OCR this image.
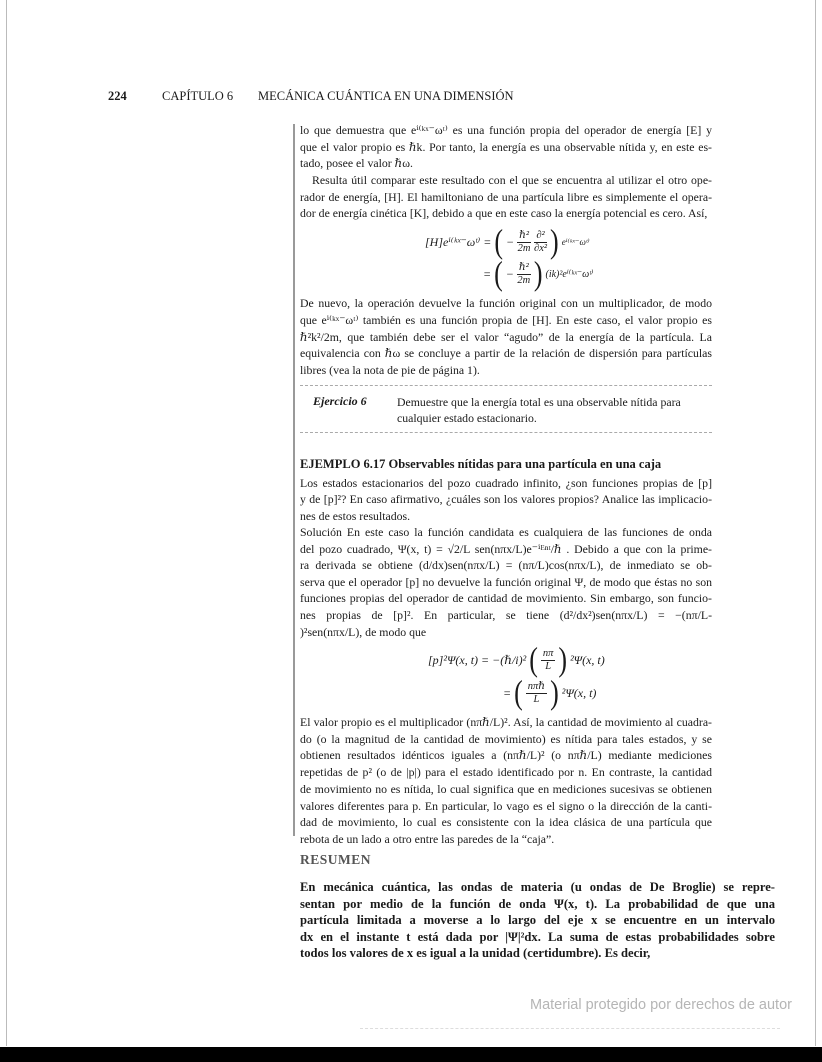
224	CAPÍTULO 6 MECÁNICA CUÁNTICA EN UNA DIMENSIÓN
lo que demuestra que eⁱ⁽ᵏˣ⁻ωᵗ⁾ es una función propia del operador de energía [E] y
que el valor propio es ℏk. Por tanto, la energía es una observable nítida y, en este es-
tado, posee el valor ℏω.
Resulta útil comparar este resultado con el que se encuentra al utilizar el otro ope-
rador de energía, [H]. El hamiltoniano de una partícula libre es simplemente el opera-
dor de energía cinética [K], debido a que en este caso la energía potencial es cero. Así,
De nuevo, la operación devuelve la función original con un multiplicador, de modo
que eⁱ⁽ᵏˣ⁻ωᵗ⁾ también es una función propia de [H]. En este caso, el valor propio es
ℏ²k²/2m, que también debe ser el valor “agudo” de la energía de la partícula. La
equivalencia con ℏω se concluye a partir de la relación de dispersión para partículas
libres (vea la nota de pie de página 1).
Los estados estacionarios del pozo cuadrado infinito, ¿son funciones propias de [p]
y de [p]²? En caso afirmativo, ¿cuáles son los valores propios? Analice las implicacio-
nes de estos resultados.
Solución En este caso la función candidata es cualquiera de las funciones de onda
del pozo cuadrado, Ψ(x, t) = √2/L sen(nπx/L)e⁻ⁱᴱⁿᵗ/ℏ . Debido a que con la prime-
ra derivada se obtiene (d/dx)sen(nπx/L) = (nπ/L)cos(nπx/L), de inmediato se ob-
serva que el operador [p] no devuelve la función original Ψ, de modo que éstas no son
funciones propias del operador de cantidad de movimiento. Sin embargo, son funcio-
nes propias de [p]². En particular, se tiene (d²/dx²)sen(nπx/L) = −(nπ/L-
)²sen(nπx/L), de modo que
El valor propio es el multiplicador (nπℏ/L)². Así, la cantidad de movimiento al cuadra-
do (o la magnitud de la cantidad de movimiento) es nítida para tales estados, y se
obtienen resultados idénticos iguales a (nπℏ/L)² (o nπℏ/L) mediante mediciones
repetidas de p² (o de |p|) para el estado identificado por n. En contraste, la cantidad
de movimiento no es nítida, lo cual significa que en mediciones sucesivas se obtienen
valores diferentes para p. En particular, lo vago es el signo o la dirección de la canti-
dad de movimiento, lo cual es consistente con la idea clásica de una partícula que
rebota de un lado a otro entre las paredes de la “caja”.
En mecánica cuántica, las ondas de materia (u ondas de De Broglie) se repre-
sentan por medio de la función de onda Ψ(x, t). La probabilidad de que una
partícula limitada a moverse a lo largo del eje x se encuentre en un intervalo
dx en el instante t está dada por |Ψ|²dx. La suma de estas probabilidades sobre
todos los valores de x es igual a la unidad (certidumbre). Es decir,
[H]eⁱ⁽ᵏˣ⁻ωᵗ⁾ = ( − $\frac{\text{ℏ²}}{2m} \frac{\text{∂²}}{\text{∂x²}}$ ) eⁱ⁽ᵏˣ⁻ωᵗ⁾
= ( − $\frac{\text{ℏ²}}{2m}$ ) (ik)²eⁱ⁽ᵏˣ⁻ωᵗ⁾
Ejercicio 6	Demuestre que la energía total es una observable nítida para cualquier estado estacionario.
EJEMPLO 6.17 Observables nítidas para una partícula en una caja
[p]²Ψ(x, t) = −(ℏ/i)² ( $\frac{n\pi}{L}$ ) ²Ψ(x, t)
= ( $\frac{\text{nπℏ}}{L}$ ) ²Ψ(x, t)
RESUMEN
Material protegido por derechos de autor
